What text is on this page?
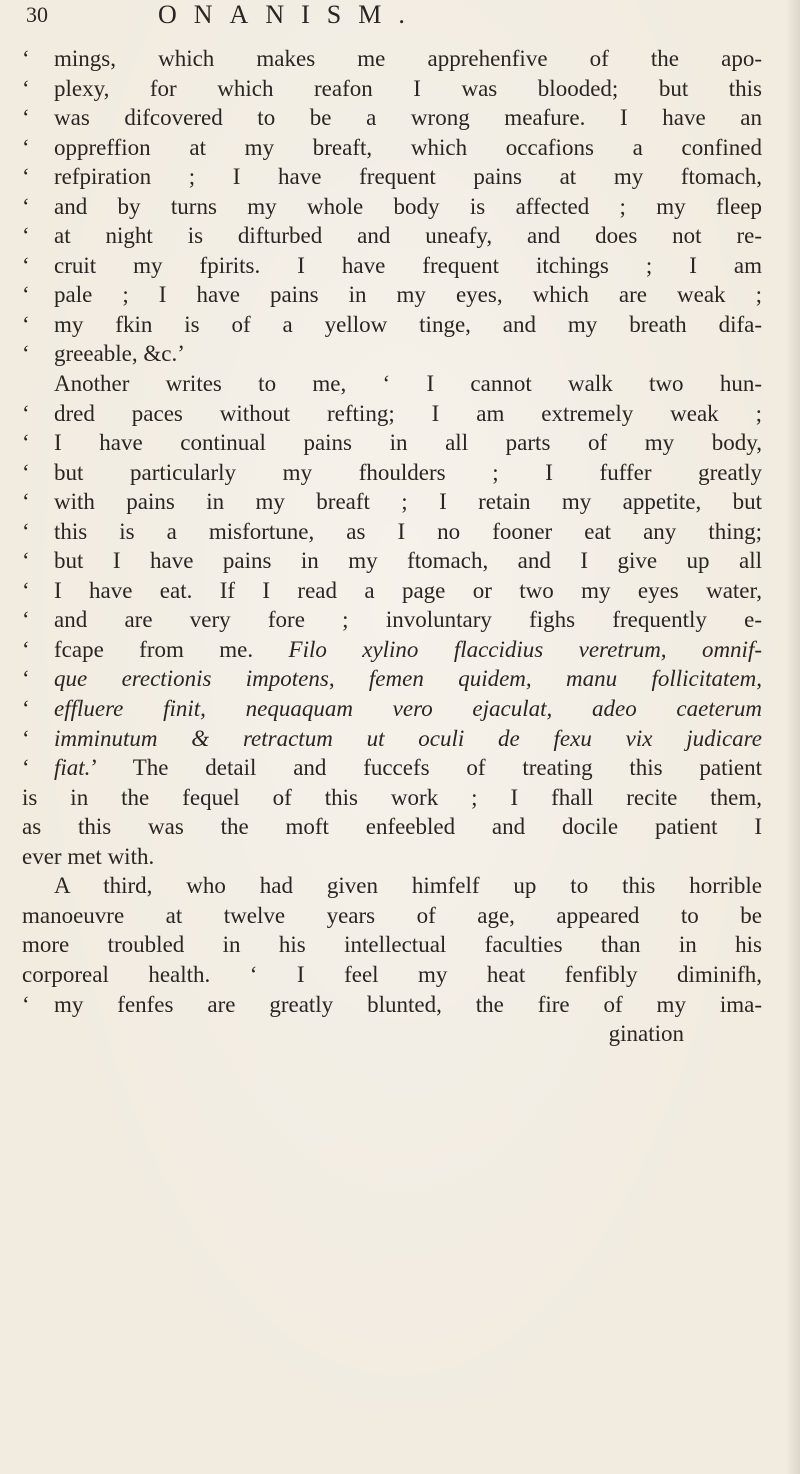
30	ONANISM.
‘ mings, which makes me apprehenfive of the apo-
‘ plexy, for which reafon I was blooded; but this
‘ was difcovered to be a wrong meafure. I have an
‘ oppreffion at my breaft, which occafions a confined
‘ refpiration ; I have frequent pains at my ftomach,
‘ and by turns my whole body is affected ; my fleep
‘ at night is difturbed and uneafy, and does not re-
‘ cruit my fpirits. I have frequent itchings ; I am
‘ pale ; I have pains in my eyes, which are weak ;
‘ my fkin is of a yellow tinge, and my breath difa-
‘ greeable, &c.’
Another writes to me, ‘ I cannot walk two hun-
‘ dred paces without refting; I am extremely weak ;
‘ I have continual pains in all parts of my body,
‘ but particularly my fhoulders ; I fuffer greatly
‘ with pains in my breaft ; I retain my appetite, but
‘ this is a misfortune, as I no fooner eat any thing;
‘ but I have pains in my ftomach, and I give up all
‘ I have eat. If I read a page or two my eyes water,
‘ and are very fore ; involuntary fighs frequently e-
‘ fcape from me. Filo xylino flaccidius veretrum, omnif-
‘ que erectionis impotens, femen quidem, manu follicitatem,
‘ effluere finit, nequaquam vero ejaculat, adeo caeterum
‘ imminutum & retractum ut oculi de fexu vix judicare
‘ fiat.’ The detail and fuccefs of treating this patient
is in the fequel of this work ; I fhall recite them,
as this was the moft enfeebled and docile patient I
ever met with.
A third, who had given himfelf up to this horrible
manoeuvre at twelve years of age, appeared to be
more troubled in his intellectual faculties than in his
corporeal health. ‘ I feel my heat fenfibly diminifh,
‘ my fenfes are greatly blunted, the fire of my ima-
gination
